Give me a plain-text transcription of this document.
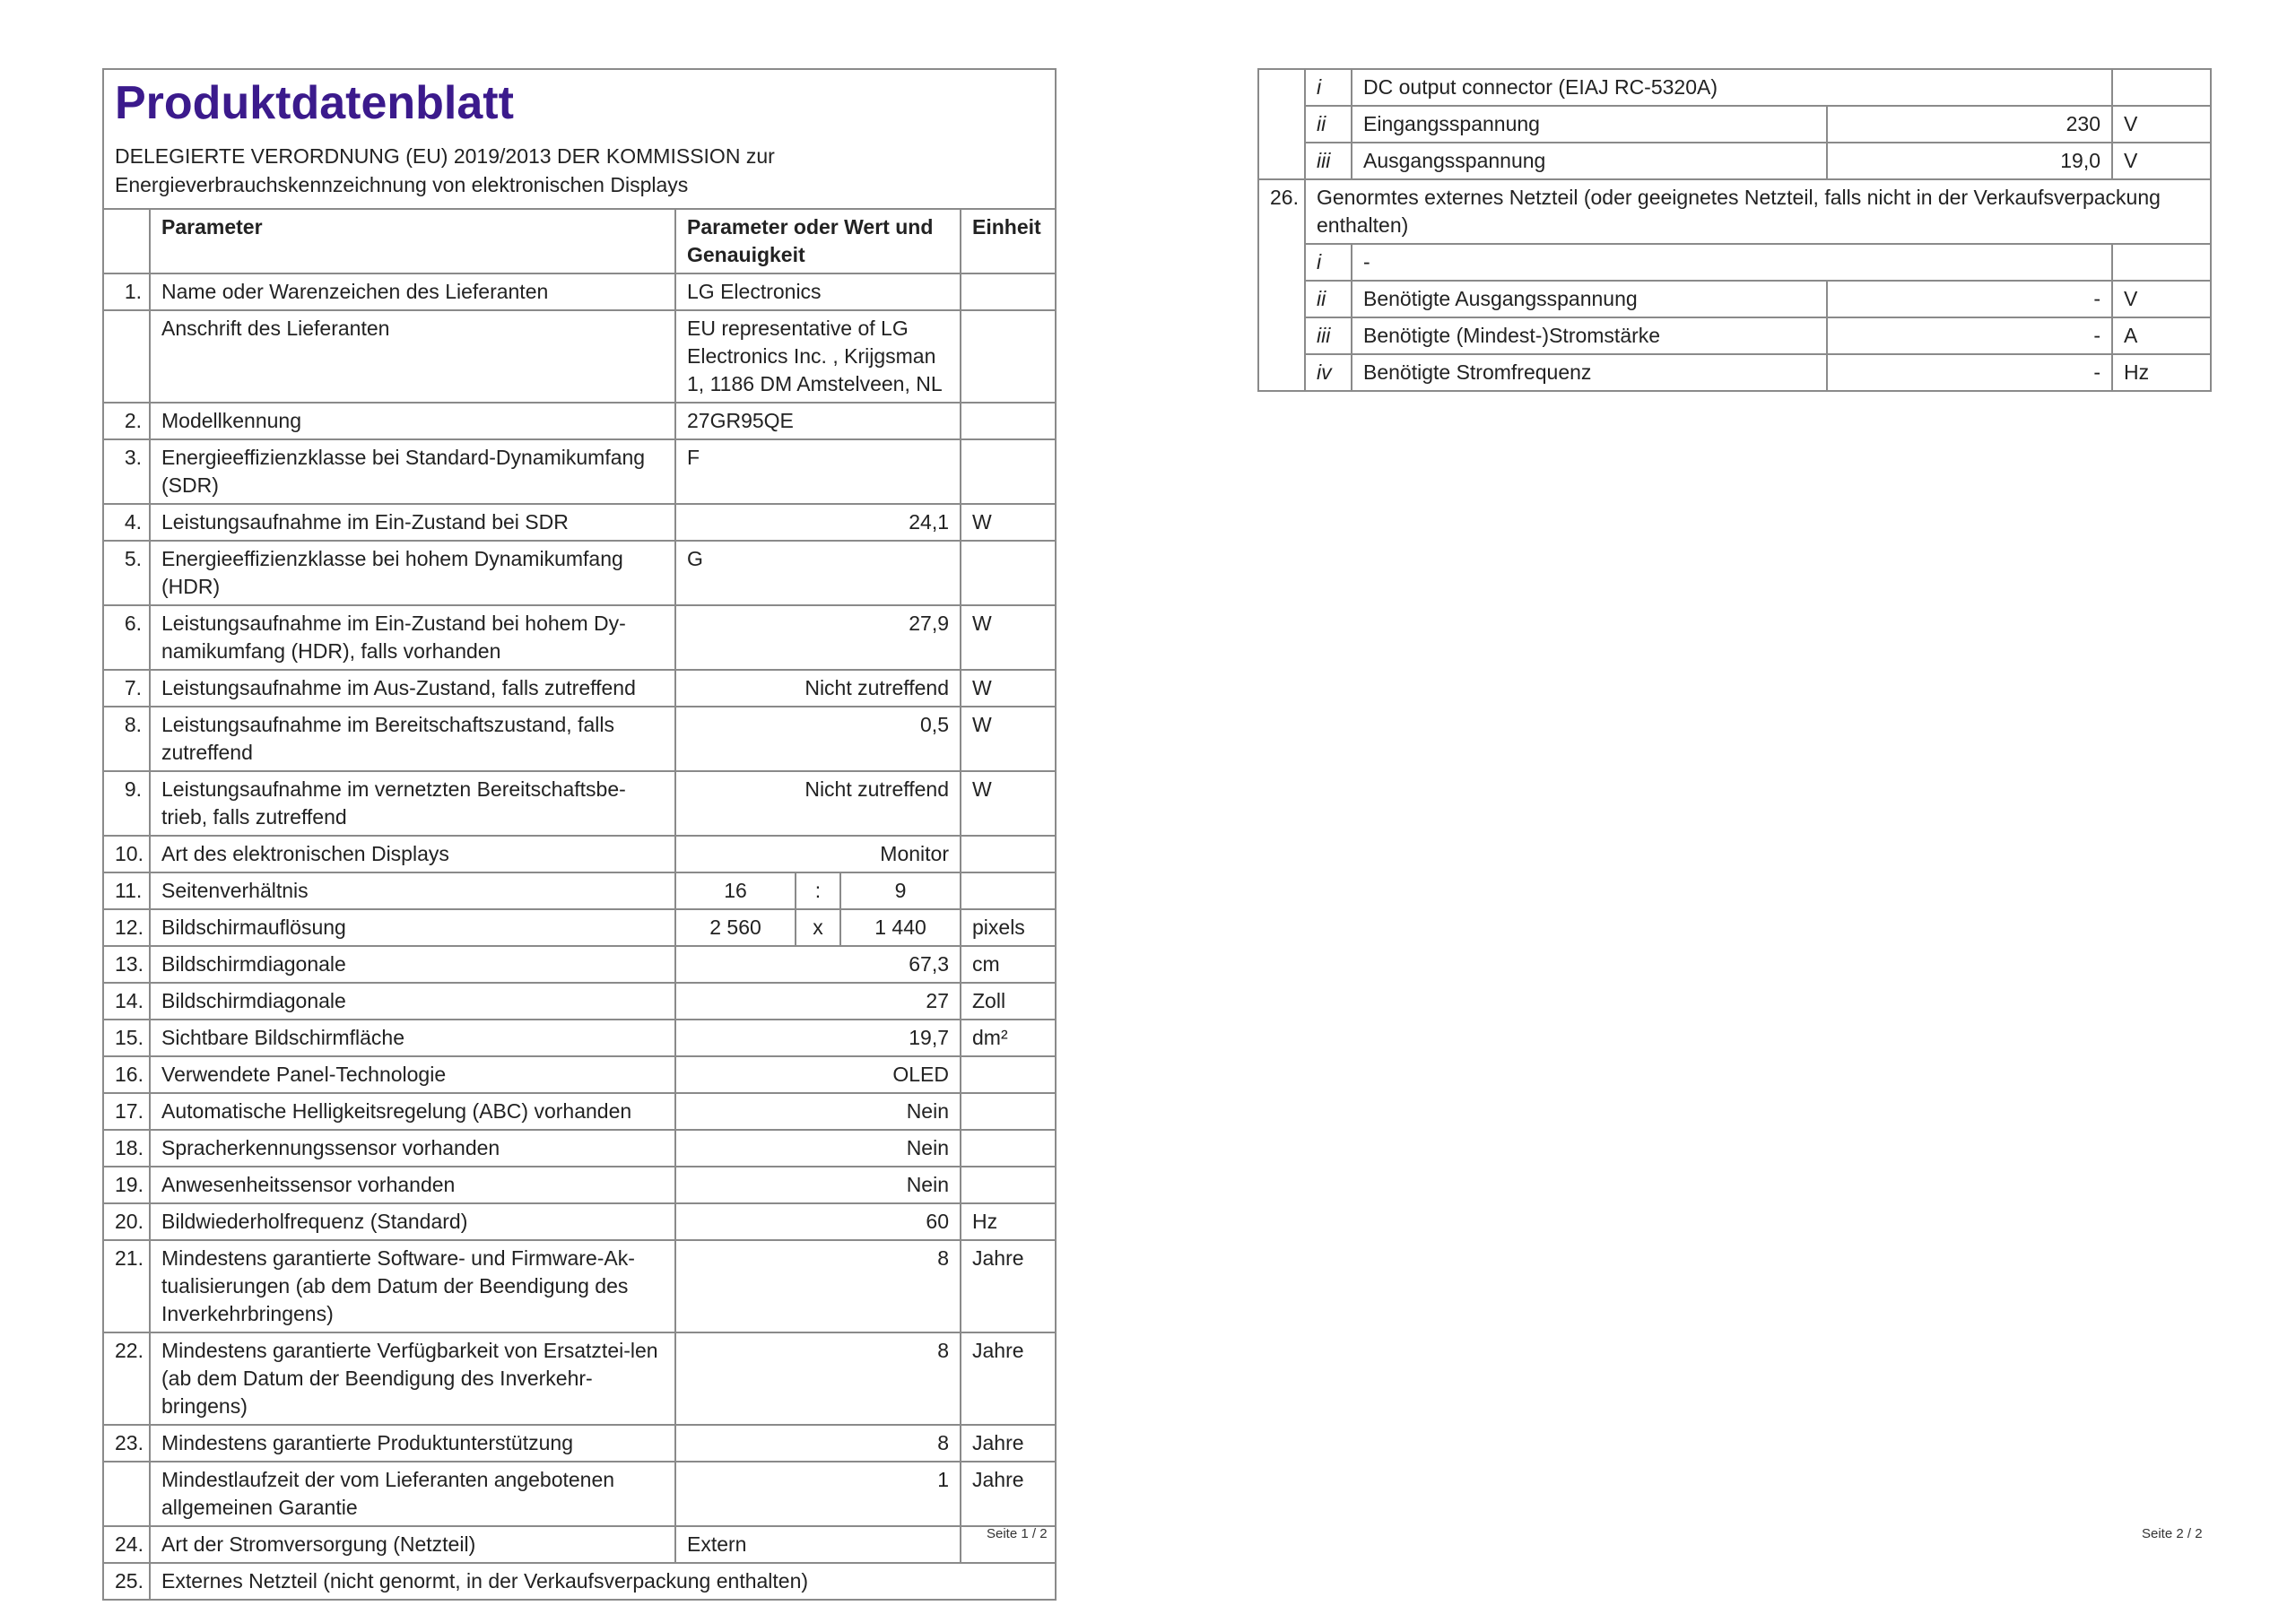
Produktdatenblatt
DELEGIERTE VERORDNUNG (EU) 2019/2013 DER KOMMISSION zur
Energieverbrauchskennzeichnung von elektronischen Displays					

	Parameter	Parameter oder Wert und Genauigkeit			Einheit
1.	Name oder Warenzeichen des Lieferanten	LG Electronics			
	Anschrift des Lieferanten	EU representative of LG Electronics Inc. , Krijgsman 1, 1186 DM Amstelveen, NL			
2.	Modellkennung	27GR95QE			
3.	Energieeffizienzklasse bei Standard-Dynamikumfang (SDR)	F			
4.	Leistungsaufnahme im Ein-Zustand bei SDR	24,1			W
5.	Energieeffizienzklasse bei hohem Dynamikumfang (HDR)	G			
6.	Leistungsaufnahme im Ein-Zustand bei hohem Dy-namikumfang (HDR), falls vorhanden	27,9			W
7.	Leistungsaufnahme im Aus-Zustand, falls zutreffend	Nicht zutreffend			W
8.	Leistungsaufnahme im Bereitschaftszustand, falls zutreffend	0,5			W
9.	Leistungsaufnahme im vernetzten Bereitschaftsbe-trieb, falls zutreffend	Nicht zutreffend			W
10.	Art des elektronischen Displays	Monitor			
11.	Seitenverhältnis	16	:	9	
12.	Bildschirmauflösung	2 560	x	1 440	pixels
13.	Bildschirmdiagonale	67,3			cm
14.	Bildschirmdiagonale	27			Zoll
15.	Sichtbare Bildschirmfläche	19,7			dm²
16.	Verwendete Panel-Technologie	OLED			
17.	Automatische Helligkeitsregelung (ABC) vorhanden	Nein			
18.	Spracherkennungssensor vorhanden	Nein			
19.	Anwesenheitssensor vorhanden	Nein			
20.	Bildwiederholfrequenz (Standard)	60			Hz
21.	Mindestens garantierte Software- und Firmware-Ak-tualisierungen (ab dem Datum der Beendigung des Inverkehrbringens)	8			Jahre
22.	Mindestens garantierte Verfügbarkeit von Ersatztei-len (ab dem Datum der Beendigung des Inverkehr-bringens)	8			Jahre
23.	Mindestens garantierte Produktunterstützung	8			Jahre
	Mindestlaufzeit der vom Lieferanten angebotenen allgemeinen Garantie	1			Jahre
24.	Art der Stromversorgung (Netzteil)	Extern			
25.	Externes Netzteil (nicht genormt, in der Verkaufsverpackung enthalten)				
Seite 1 / 2
	i	DC output connector (EIAJ RC-5320A)		
	ii	Eingangsspannung	230	V
	iii	Ausgangsspannung	19,0	V
26.	Genormtes externes Netzteil (oder geeignetes Netzteil, falls nicht in der Verkaufsverpackung enthalten)			
	i	-		
	ii	Benötigte Ausgangsspannung	-	V
	iii	Benötigte (Mindest-)Stromstärke	-	A
	iv	Benötigte Stromfrequenz	-	Hz
Seite 2 / 2
